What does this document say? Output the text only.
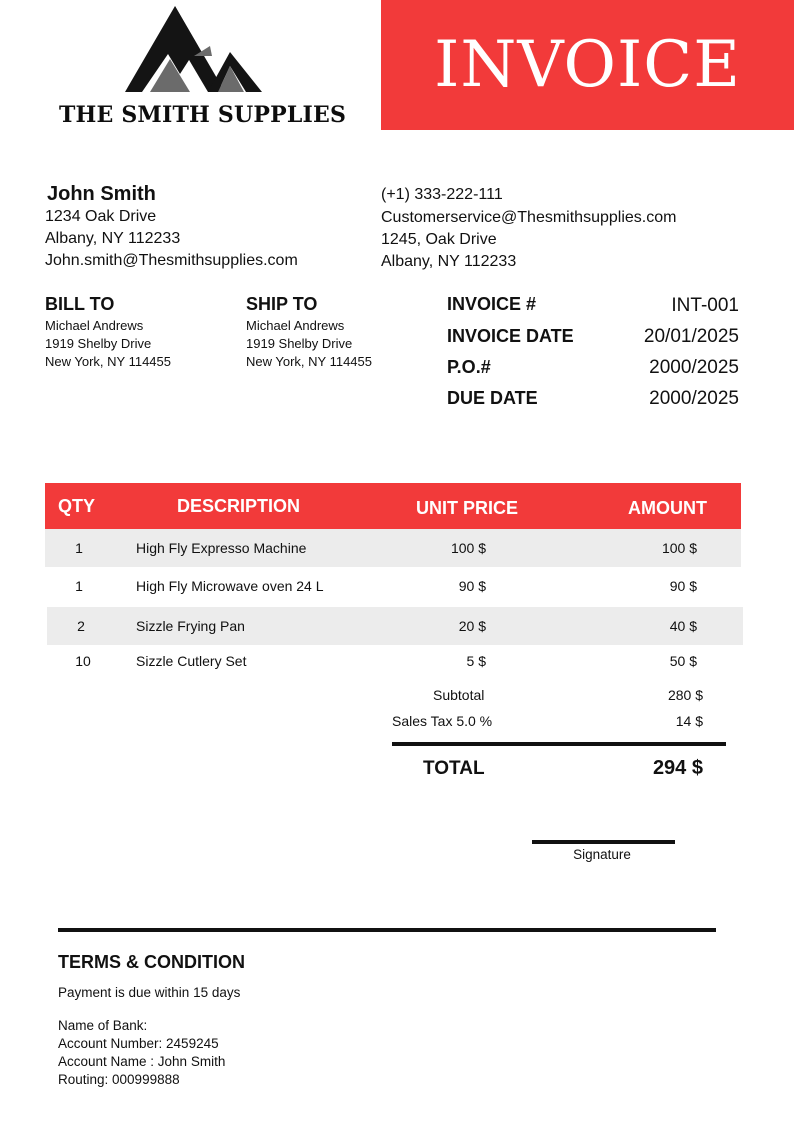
THE SMITH SUPPLIES
INVOICE
John Smith
1234 Oak Drive
Albany, NY 112233
John.smith@Thesmithsupplies.com
(+1) 333-222-111
Customerservice@Thesmithsupplies.com
1245, Oak Drive
Albany, NY 112233
BILL TO
Michael Andrews
1919 Shelby Drive
New York, NY 114455
SHIP TO
Michael Andrews
1919 Shelby Drive
New York, NY 114455
INVOICE #	INT-001
INVOICE DATE	20/01/2025
P.O.#	2000/2025
DUE DATE	2000/2025
QTY	DESCRIPTION	UNIT PRICE	AMOUNT
1	High Fly Expresso Machine	100 $	100 $
1	High Fly Microwave oven 24 L	90 $	90 $
2	Sizzle Frying Pan	20 $	40 $
10	Sizzle Cutlery Set	5 $	50 $
Subtotal	280 $
Sales Tax 5.0 %	14 $
TOTAL	294 $
Signature
TERMS & CONDITION
Payment is due within 15 days
Name of Bank:
Account Number: 2459245
Account Name : John Smith
Routing: 000999888
